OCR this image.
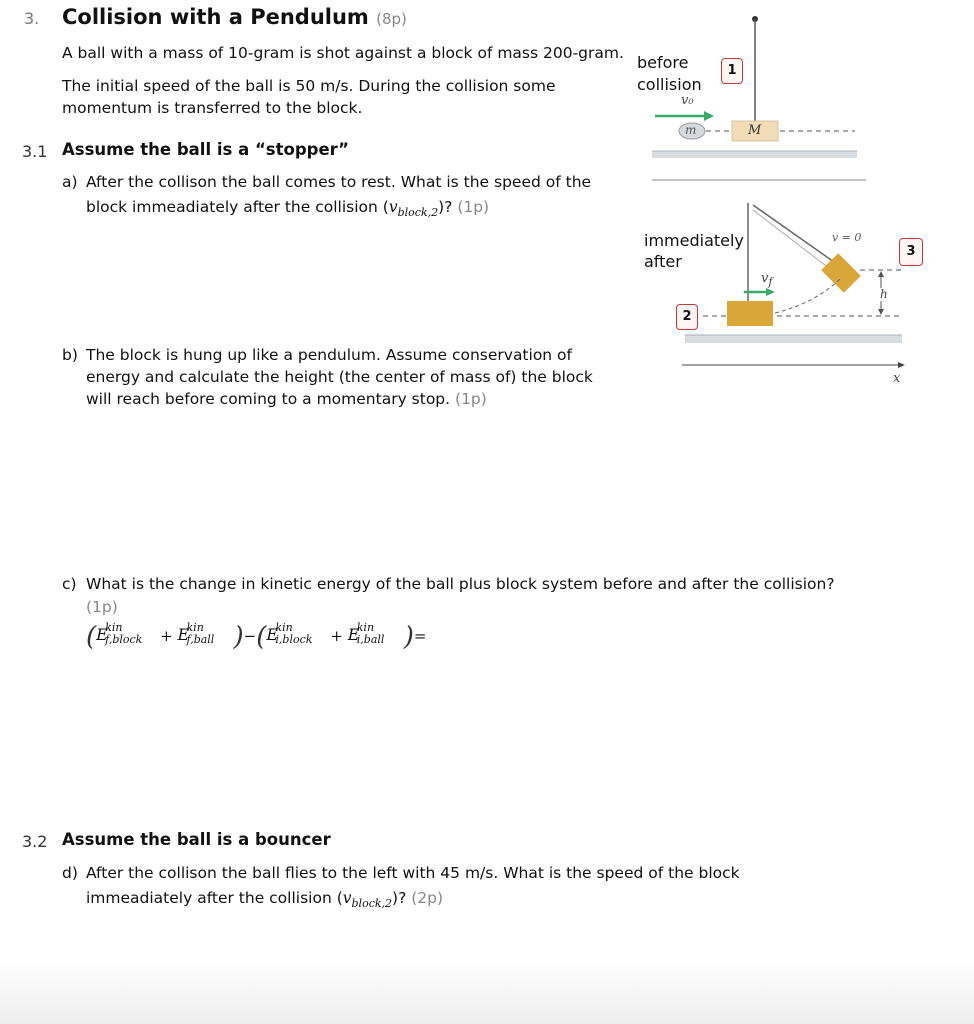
3. Collision with a Pendulum (8p)
A ball with a mass of 10-gram is shot against a block of mass 200-gram.
The initial speed of the ball is 50 m/s. During the collision some
momentum is transferred to the block.
3.1 Assume the ball is a “stopper”
a) After the collison the ball comes to rest. What is the speed of the
block immeadiately after the collision $(v_{block,2})$? (1p)
b) The block is hung up like a pendulum. Assume conservation of
energy and calculate the height (the center of mass of) the block
will reach before coming to a momentary stop. (1p)
c) What is the change in kinetic energy of the ball plus block system before and after the collision?
(1p)
( E
kin
f,block + E
kin
f,ball )−( E
kin
i,block + E
kin
i,ball )=
3.2 Assume the ball is a bouncer
d) After the collison the ball flies to the left with 45 m/s. What is the speed of the block
immeadiately after the collision $(v_{block,2})$? (2p)
before
collision
1
v₀
m	M
immediately
after
2
3
$v_f$
v = 0
h
x
